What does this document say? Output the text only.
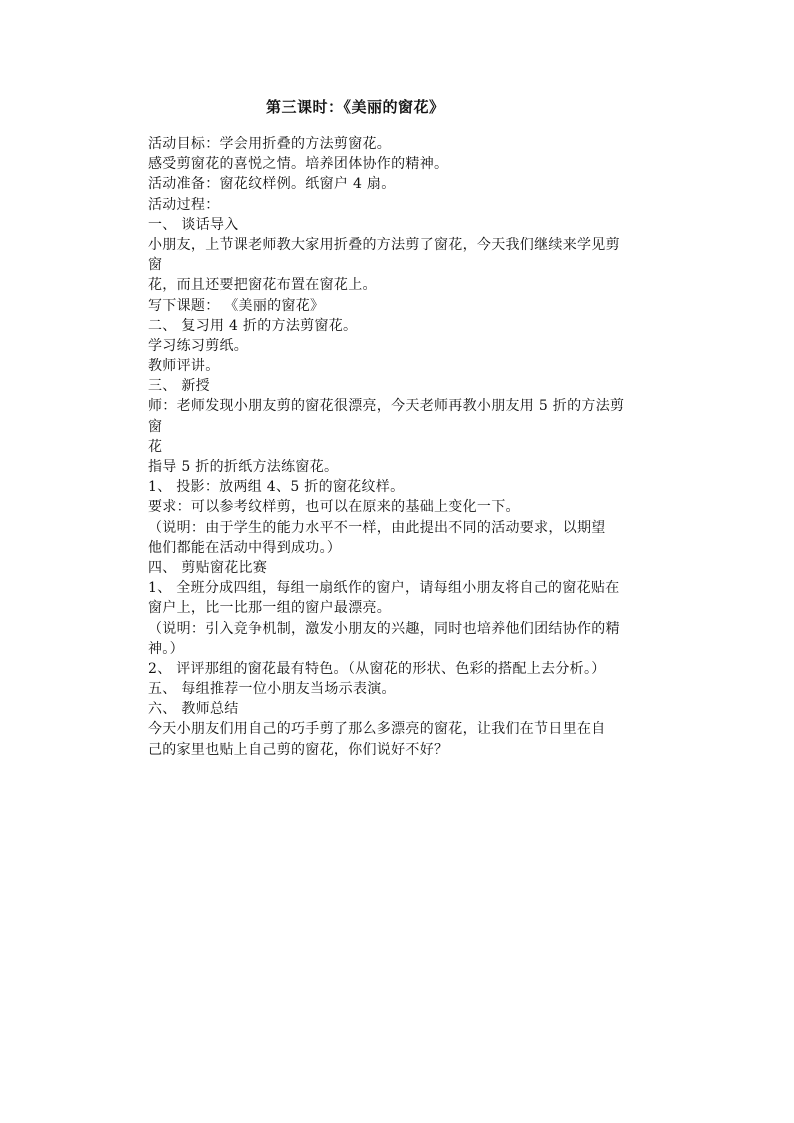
第三课时：《美丽的窗花》
活动目标：学会用折叠的方法剪窗花。
感受剪窗花的喜悦之情。培养团体协作的精神。
活动准备：窗花纹样例。纸窗户 4 扇。
活动过程：
一、 谈话导入
小朋友，上节课老师教大家用折叠的方法剪了窗花，今天我们继续来学见剪
窗
花，而且还要把窗花布置在窗花上。
写下课题： 《美丽的窗花》
二、 复习用 4 折的方法剪窗花。
学习练习剪纸。
教师评讲。
三、 新授
师：老师发现小朋友剪的窗花很漂亮，今天老师再教小朋友用 5 折的方法剪
窗
花
指导 5 折的折纸方法练窗花。
1、 投影：放两组 4、5 折的窗花纹样。
要求：可以参考纹样剪，也可以在原来的基础上变化一下。
（说明：由于学生的能力水平不一样，由此提出不同的活动要求，以期望
他们都能在活动中得到成功。）
四、 剪贴窗花比赛
1、 全班分成四组，每组一扇纸作的窗户，请每组小朋友将自己的窗花贴在
窗户上，比一比那一组的窗户最漂亮。
（说明：引入竞争机制，激发小朋友的兴趣，同时也培养他们团结协作的精
神。）
2、 评评那组的窗花最有特色。（从窗花的形状、色彩的搭配上去分析。）
五、 每组推荐一位小朋友当场示表演。
六、 教师总结
今天小朋友们用自己的巧手剪了那么多漂亮的窗花，让我们在节日里在自
己的家里也贴上自己剪的窗花，你们说好不好？
